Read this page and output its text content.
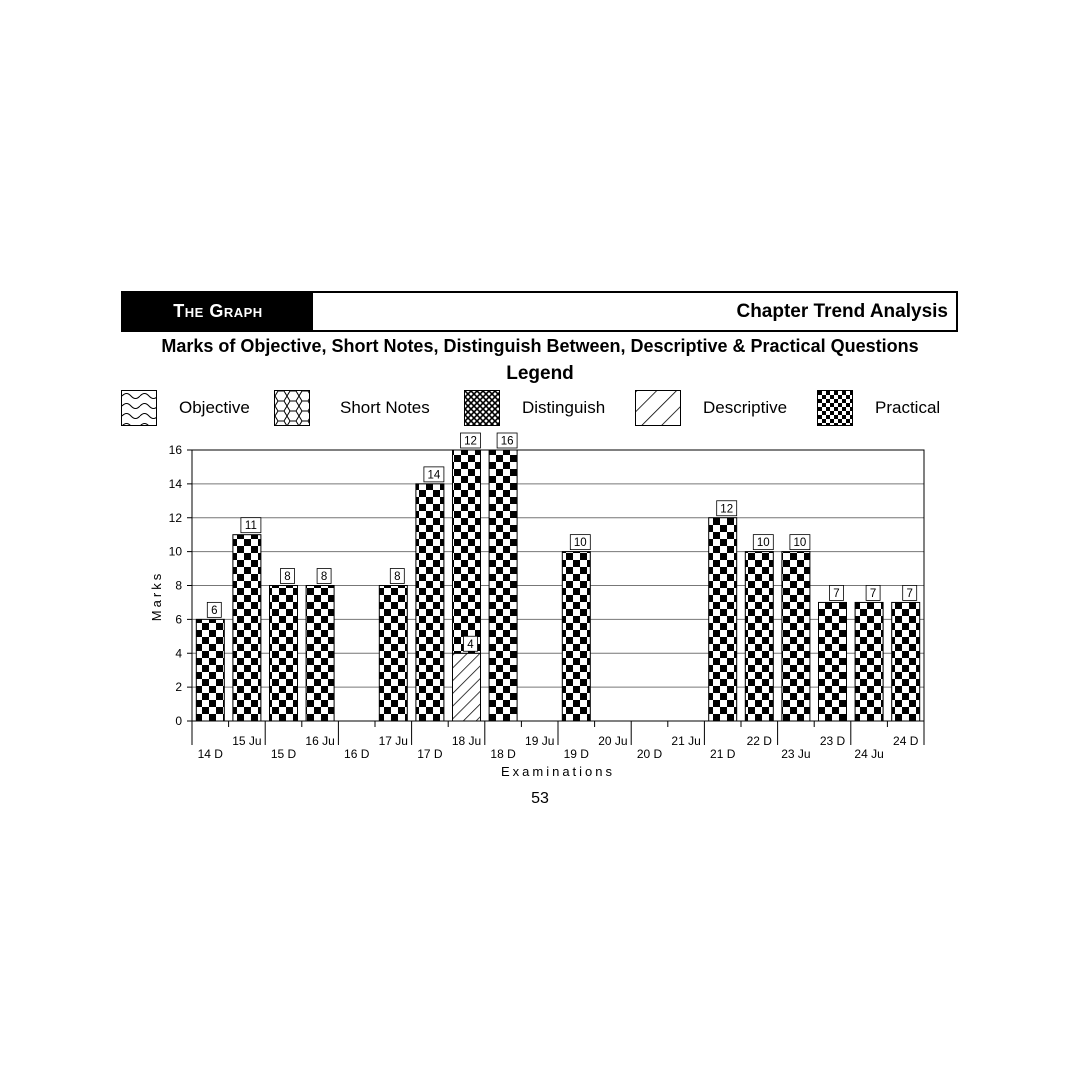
The Graph	Chapter Trend Analysis
Marks of Objective, Short Notes, Distinguish Between, Descriptive & Practical Questions
Legend
Objective	Short Notes	Distinguish	Descriptive	Practical
0
2
4
6
8
10
12
14
16
14 D
15 Ju
15 D
16 Ju
16 D
17 Ju
17 D
18 Ju
18 D
19 Ju
19 D
20 Ju
20 D
21 Ju
21 D
22 D
23 Ju
23 D
24 Ju
24 D
4
6
11
8	8	8
14
12 16
10
12
10 10
7	7	7
Marks
Examinations
53
